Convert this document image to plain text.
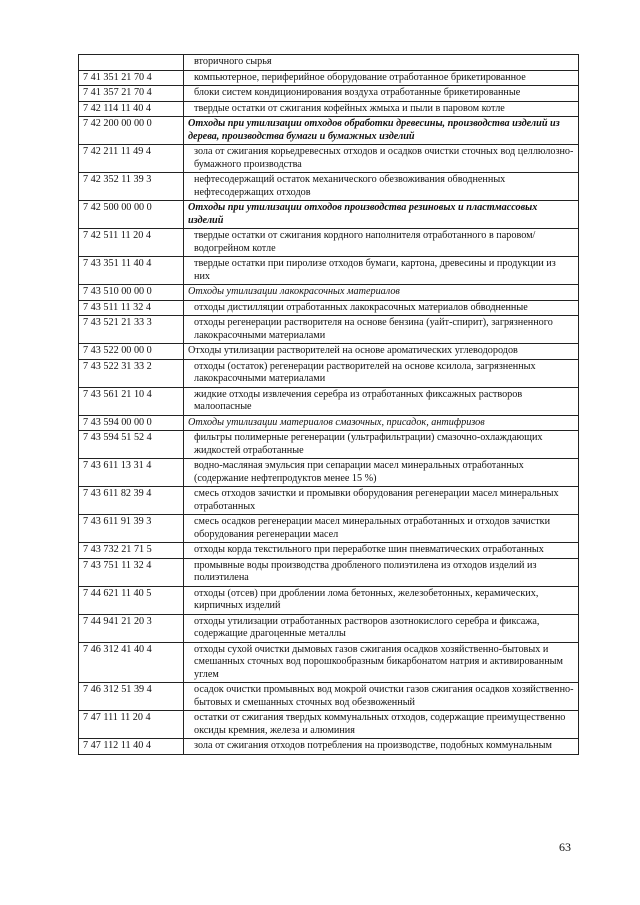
	вторичного сырья
7 41 351 21 70 4	компьютерное, периферийное оборудование отработанное брикетированное
7 41 357 21 70 4	блоки систем кондиционирования воздуха отработанные брикетированные
7 42 114 11 40 4	твердые остатки от сжигания кофейных жмыха и пыли в паровом котле
7 42 200 00 00 0	Отходы при утилизации отходов обработки древесины, производства изделий из дерева, производства бумаги и бумажных изделий
7 42 211 11 49 4	зола от сжигания корьедревесных отходов и осадков очистки сточных вод целлюлозно-бумажного производства
7 42 352 11 39 3	нефтесодержащий остаток механического обезвоживания обводненных нефтесодержащих отходов
7 42 500 00 00 0	Отходы при утилизации отходов производства резиновых и пластмассовых изделий
7 42 511 11 20 4	твердые остатки от сжигания кордного наполнителя отработанного в паровом/водогрейном котле
7 43 351 11 40 4	твердые остатки при пиролизе отходов бумаги, картона, древесины и продукции из них
7 43 510 00 00 0	Отходы утилизации лакокрасочных материалов
7 43 511 11 32 4	отходы дистилляции отработанных лакокрасочных материалов обводненные
7 43 521 21 33 3	отходы регенерации растворителя на основе бензина (уайт-спирит), загрязненного лакокрасочными материалами
7 43 522 00 00 0	Отходы утилизации растворителей на основе ароматических углеводородов
7 43 522 31 33 2	отходы (остаток) регенерации растворителей на основе ксилола, загрязненных лакокрасочными материалами
7 43 561 21 10 4	жидкие отходы извлечения серебра из отработанных фиксажных растворов малоопасные
7 43 594 00 00 0	Отходы утилизации материалов смазочных, присадок, антифризов
7 43 594 51 52 4	фильтры полимерные регенерации (ультрафильтрации) смазочно-охлаждающих жидкостей отработанные
7 43 611 13 31 4	водно-масляная эмульсия при сепарации масел минеральных отработанных (содержание нефтепродуктов менее 15 %)
7 43 611 82 39 4	смесь отходов зачистки и промывки оборудования регенерации масел минеральных отработанных
7 43 611 91 39 3	смесь осадков регенерации масел минеральных отработанных и отходов зачистки оборудования регенерации масел
7 43 732 21 71 5	отходы корда текстильного при переработке шин пневматических отработанных
7 43 751 11 32 4	промывные воды производства дробленого полиэтилена из отходов изделий из полиэтилена
7 44 621 11 40 5	отходы (отсев) при дроблении лома бетонных, железобетонных, керамических, кирпичных изделий
7 44 941 21 20 3	отходы утилизации отработанных растворов азотнокислого серебра и фиксажа, содержащие драгоценные металлы
7 46 312 41 40 4	отходы сухой очистки дымовых газов сжигания осадков хозяйственно-бытовых и смешанных сточных вод порошкообразным бикарбонатом натрия и активированным углем
7 46 312 51 39 4	осадок очистки промывных вод мокрой очистки газов сжигания осадков хозяйственно-бытовых и смешанных сточных вод обезвоженный
7 47 111 11 20 4	остатки от сжигания твердых коммунальных отходов, содержащие преимущественно оксиды кремния, железа и алюминия
7 47 112 11 40 4	зола от сжигания отходов потребления на производстве, подобных коммунальным
63
